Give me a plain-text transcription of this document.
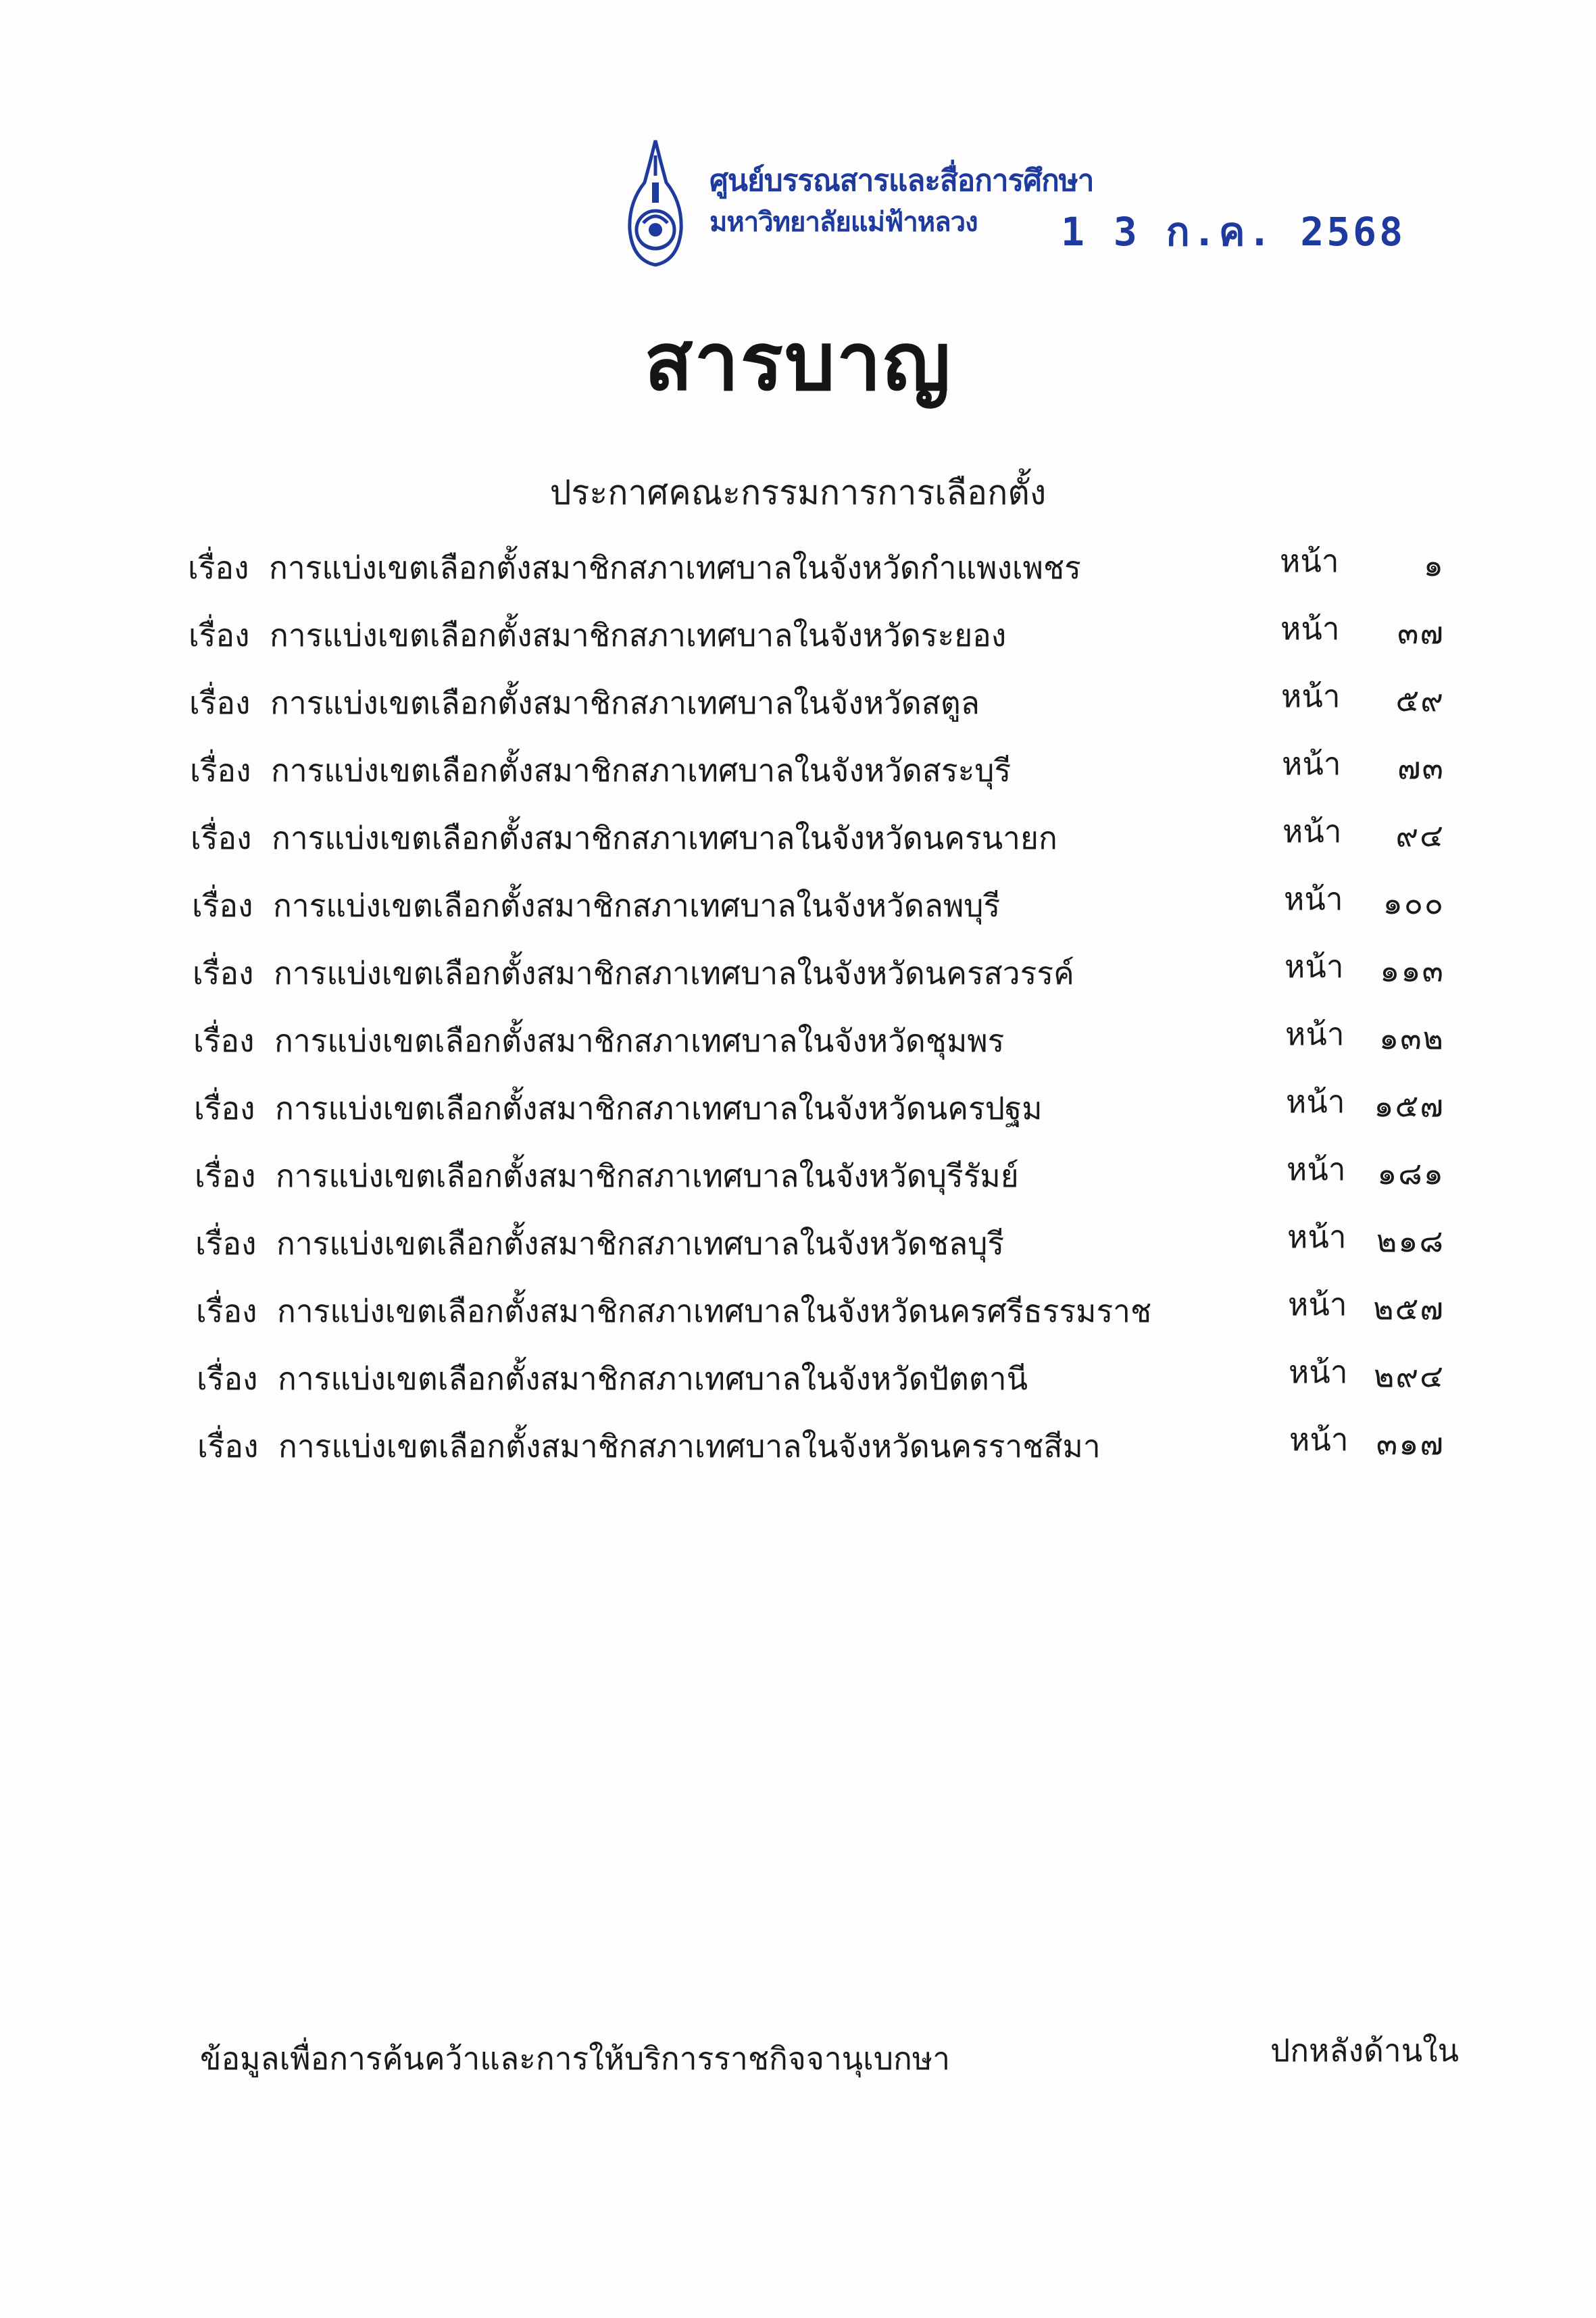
ศูนย์บรรณสารและสื่อการศึกษา
มหาวิทยาลัยแม่ฟ้าหลวง 1 3 ก.ค. 2568
สารบาญ
ประกาศคณะกรรมการการเลือกตั้ง
เรื่อง การแบ่งเขตเลือกตั้งสมาชิกสภาเทศบาลในจังหวัดกำแพงเพชร	หน้า	๑
เรื่อง การแบ่งเขตเลือกตั้งสมาชิกสภาเทศบาลในจังหวัดระยอง	หน้า ๓๗
เรื่อง การแบ่งเขตเลือกตั้งสมาชิกสภาเทศบาลในจังหวัดสตูล	หน้า ๕๙
เรื่อง การแบ่งเขตเลือกตั้งสมาชิกสภาเทศบาลในจังหวัดสระบุรี	หน้า ๗๓
เรื่อง การแบ่งเขตเลือกตั้งสมาชิกสภาเทศบาลในจังหวัดนครนายก	หน้า ๙๔
เรื่อง การแบ่งเขตเลือกตั้งสมาชิกสภาเทศบาลในจังหวัดลพบุรี	หน้า ๑๐๐
เรื่อง การแบ่งเขตเลือกตั้งสมาชิกสภาเทศบาลในจังหวัดนครสวรรค์	หน้า ๑๑๓
เรื่อง การแบ่งเขตเลือกตั้งสมาชิกสภาเทศบาลในจังหวัดชุมพร	หน้า ๑๓๒
เรื่อง การแบ่งเขตเลือกตั้งสมาชิกสภาเทศบาลในจังหวัดนครปฐม	หน้า ๑๕๗
เรื่อง การแบ่งเขตเลือกตั้งสมาชิกสภาเทศบาลในจังหวัดบุรีรัมย์	หน้า ๑๘๑
เรื่อง การแบ่งเขตเลือกตั้งสมาชิกสภาเทศบาลในจังหวัดชลบุรี	หน้า ๒๑๘
เรื่อง การแบ่งเขตเลือกตั้งสมาชิกสภาเทศบาลในจังหวัดนครศรีธรรมราช	หน้า ๒๕๗
เรื่อง การแบ่งเขตเลือกตั้งสมาชิกสภาเทศบาลในจังหวัดปัตตานี	หน้า ๒๙๔
เรื่อง การแบ่งเขตเลือกตั้งสมาชิกสภาเทศบาลในจังหวัดนครราชสีมา	หน้า ๓๑๗
ข้อมูลเพื่อการค้นคว้าและการให้บริการราชกิจจานุเบกษา	ปกหลังด้านใน
